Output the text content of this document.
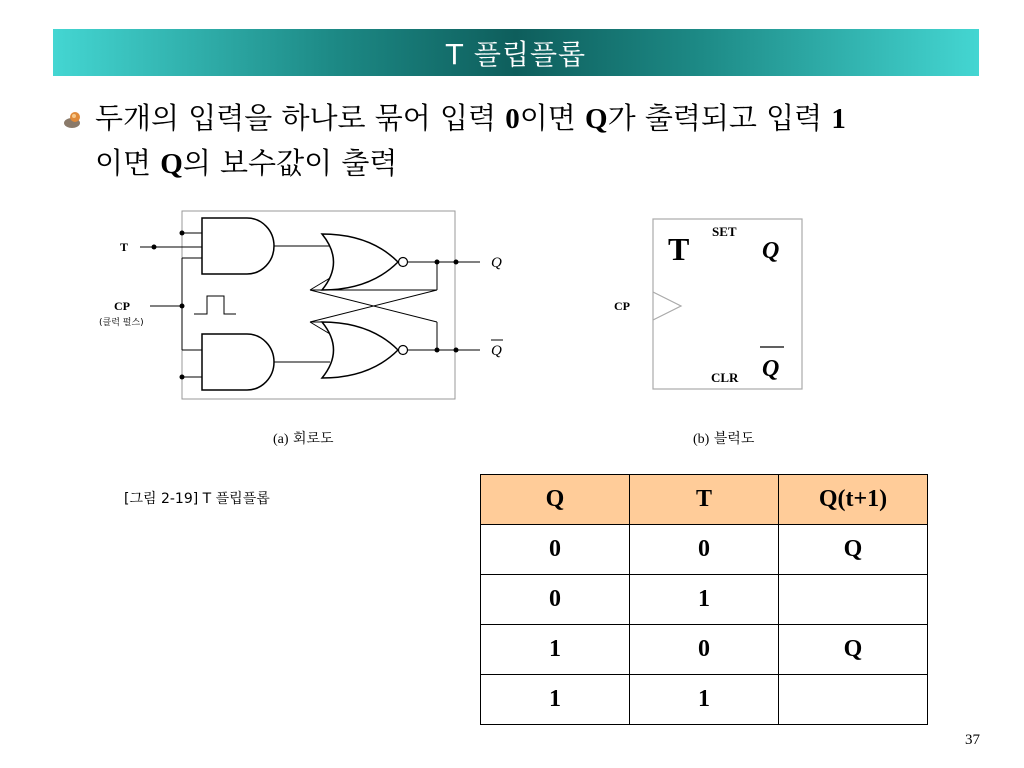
T 플립플롭
두개의 입력을 하나로 묶어 입력 0이면 Q가 출력되고 입력 1
이면 Q의 보수값이 출력
T
CP
(클럭 펄스)
Q
Q
T SET
Q
CP
CLR Q
(a) 회로도	(b) 블럭도
[그림 2-19] T 플립플롭	Q	T	Q(t+1)
0	0	Q
0	1	
1	0	Q
1	1	
37
